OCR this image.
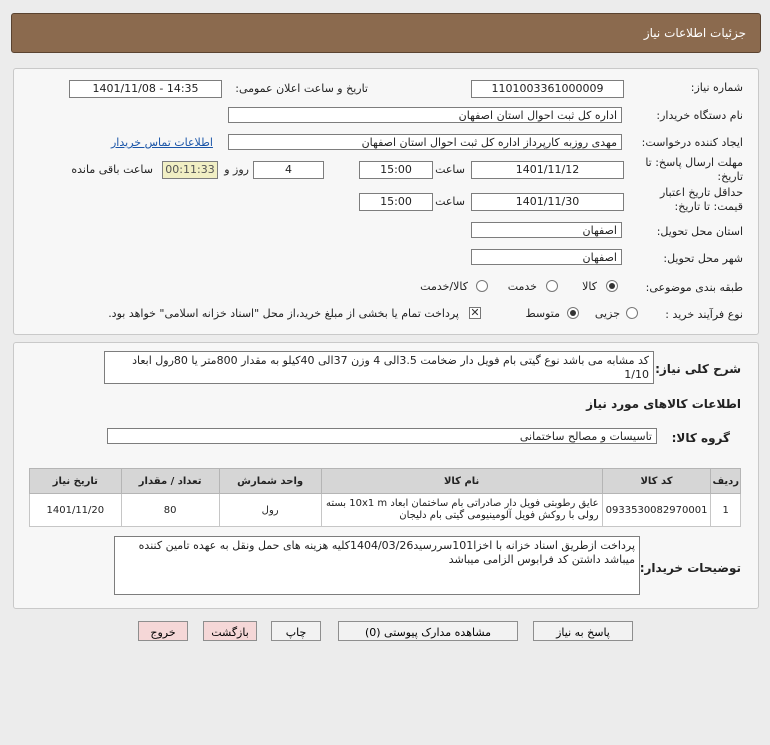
جزئیات اطلاعات نیاز
شماره نیاز:
1101003361000009
تاریخ و ساعت اعلان عمومی:
1401/11/08 - 14:35
نام دستگاه خریدار:
اداره کل ثبت احوال استان اصفهان
ایجاد کننده درخواست:
مهدی روزبه کارپرداز اداره کل ثبت احوال استان اصفهان
اطلاعات تماس خریدار
مهلت ارسال پاسخ: تا تاریخ:
1401/11/12
ساعت
15:00
4
روز و
00:11:33
ساعت باقی مانده
حداقل تاریخ اعتبار قیمت: تا تاریخ:
1401/11/30
ساعت
15:00
استان محل تحویل:
اصفهان
شهر محل تحویل:
اصفهان
طبقه بندی موضوعی:
کالا
خدمت
کالا/خدمت
نوع فرآیند خرید :
جزیی
متوسط
✕
پرداخت تمام یا بخشی از مبلغ خرید،از محل "اسناد خزانه اسلامی" خواهد بود.
شرح کلی نیاز:
کد مشابه می باشد نوع گیتی بام فویل دار ضخامت 3.5الی 4 وزن 37الی 40کیلو به مقدار 800متر یا 80رول ابعاد 1/10
اطلاعات کالاهای مورد نیاز
گروه کالا:
تاسیسات و مصالح ساختمانی
ردیف	کد کالا	نام کالا	واحد شمارش	تعداد / مقدار	تاریخ نیاز
1	0933530082970001	عایق رطوبتی فویل دار صادراتی بام ساختمان ابعاد 10x1 m بسته رولی با روکش فویل آلومینیومی گیتی بام دلیجان	رول	80	1401/11/20
توضیحات خریدار:
پرداخت ازطریق اسناد خزانه با اخزا101سررسید1404/03/26کلیه هزینه های حمل ونقل به عهده تامین کننده میباشد داشتن کد فرابوس الزامی میباشد
پاسخ به نیاز
مشاهده مدارک پیوستی (0)
چاپ
بازگشت
خروج
